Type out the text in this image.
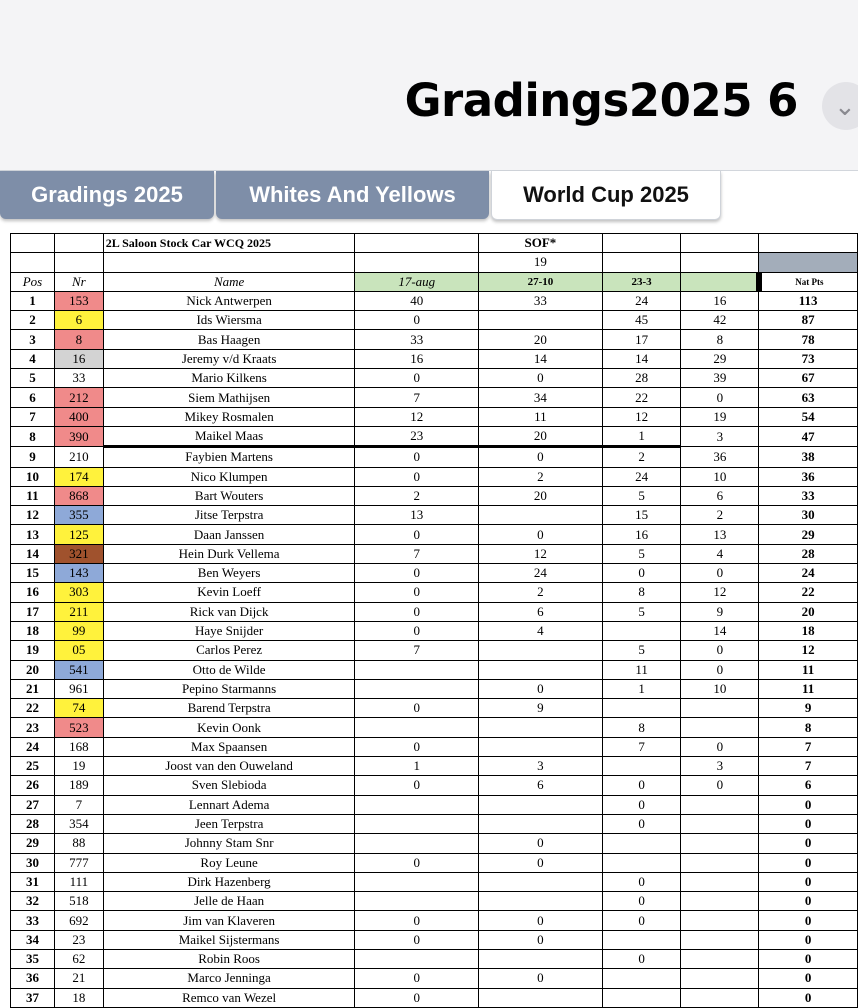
Gradings2025 6	⌄
Gradings 2025	Whites And Yellows	World Cup 2025
		2L Saloon Stock Car WCQ 2025		SOF*			
				19			
Pos	Nr	Name	17-aug	27-10	23-3		Nat Pts
1	153	Nick Antwerpen	40	33	24	16	113
2	6	Ids Wiersma	0		45	42	87
3	8	Bas Haagen	33	20	17	8	78
4	16	Jeremy v/d Kraats	16	14	14	29	73
5	33	Mario Kilkens	0	0	28	39	67
6	212	Siem Mathijsen	7	34	22	0	63
7	400	Mikey Rosmalen	12	11	12	19	54
8	390	Maikel Maas	23	20	1	3	47
9	210	Faybien Martens	0	0	2	36	38
10	174	Nico Klumpen	0	2	24	10	36
11	868	Bart Wouters	2	20	5	6	33
12	355	Jitse Terpstra	13		15	2	30
13	125	Daan Janssen	0	0	16	13	29
14	321	Hein Durk Vellema	7	12	5	4	28
15	143	Ben Weyers	0	24	0	0	24
16	303	Kevin Loeff	0	2	8	12	22
17	211	Rick van Dijck	0	6	5	9	20
18	99	Haye Snijder	0	4		14	18
19	05	Carlos Perez	7		5	0	12
20	541	Otto de Wilde			11	0	11
21	961	Pepino Starmanns		0	1	10	11
22	74	Barend Terpstra	0	9			9
23	523	Kevin Oonk			8		8
24	168	Max Spaansen	0		7	0	7
25	19	Joost van den Ouweland	1	3		3	7
26	189	Sven Slebioda	0	6	0	0	6
27	7	Lennart Adema			0		0
28	354	Jeen Terpstra			0		0
29	88	Johnny Stam Snr		0			0
30	777	Roy Leune	0	0			0
31	111	Dirk Hazenberg			0		0
32	518	Jelle de Haan			0		0
33	692	Jim van Klaveren	0	0	0		0
34	23	Maikel Sijstermans	0	0			0
35	62	Robin Roos			0		0
36	21	Marco Jenninga	0	0			0
37	18	Remco van Wezel	0				0
